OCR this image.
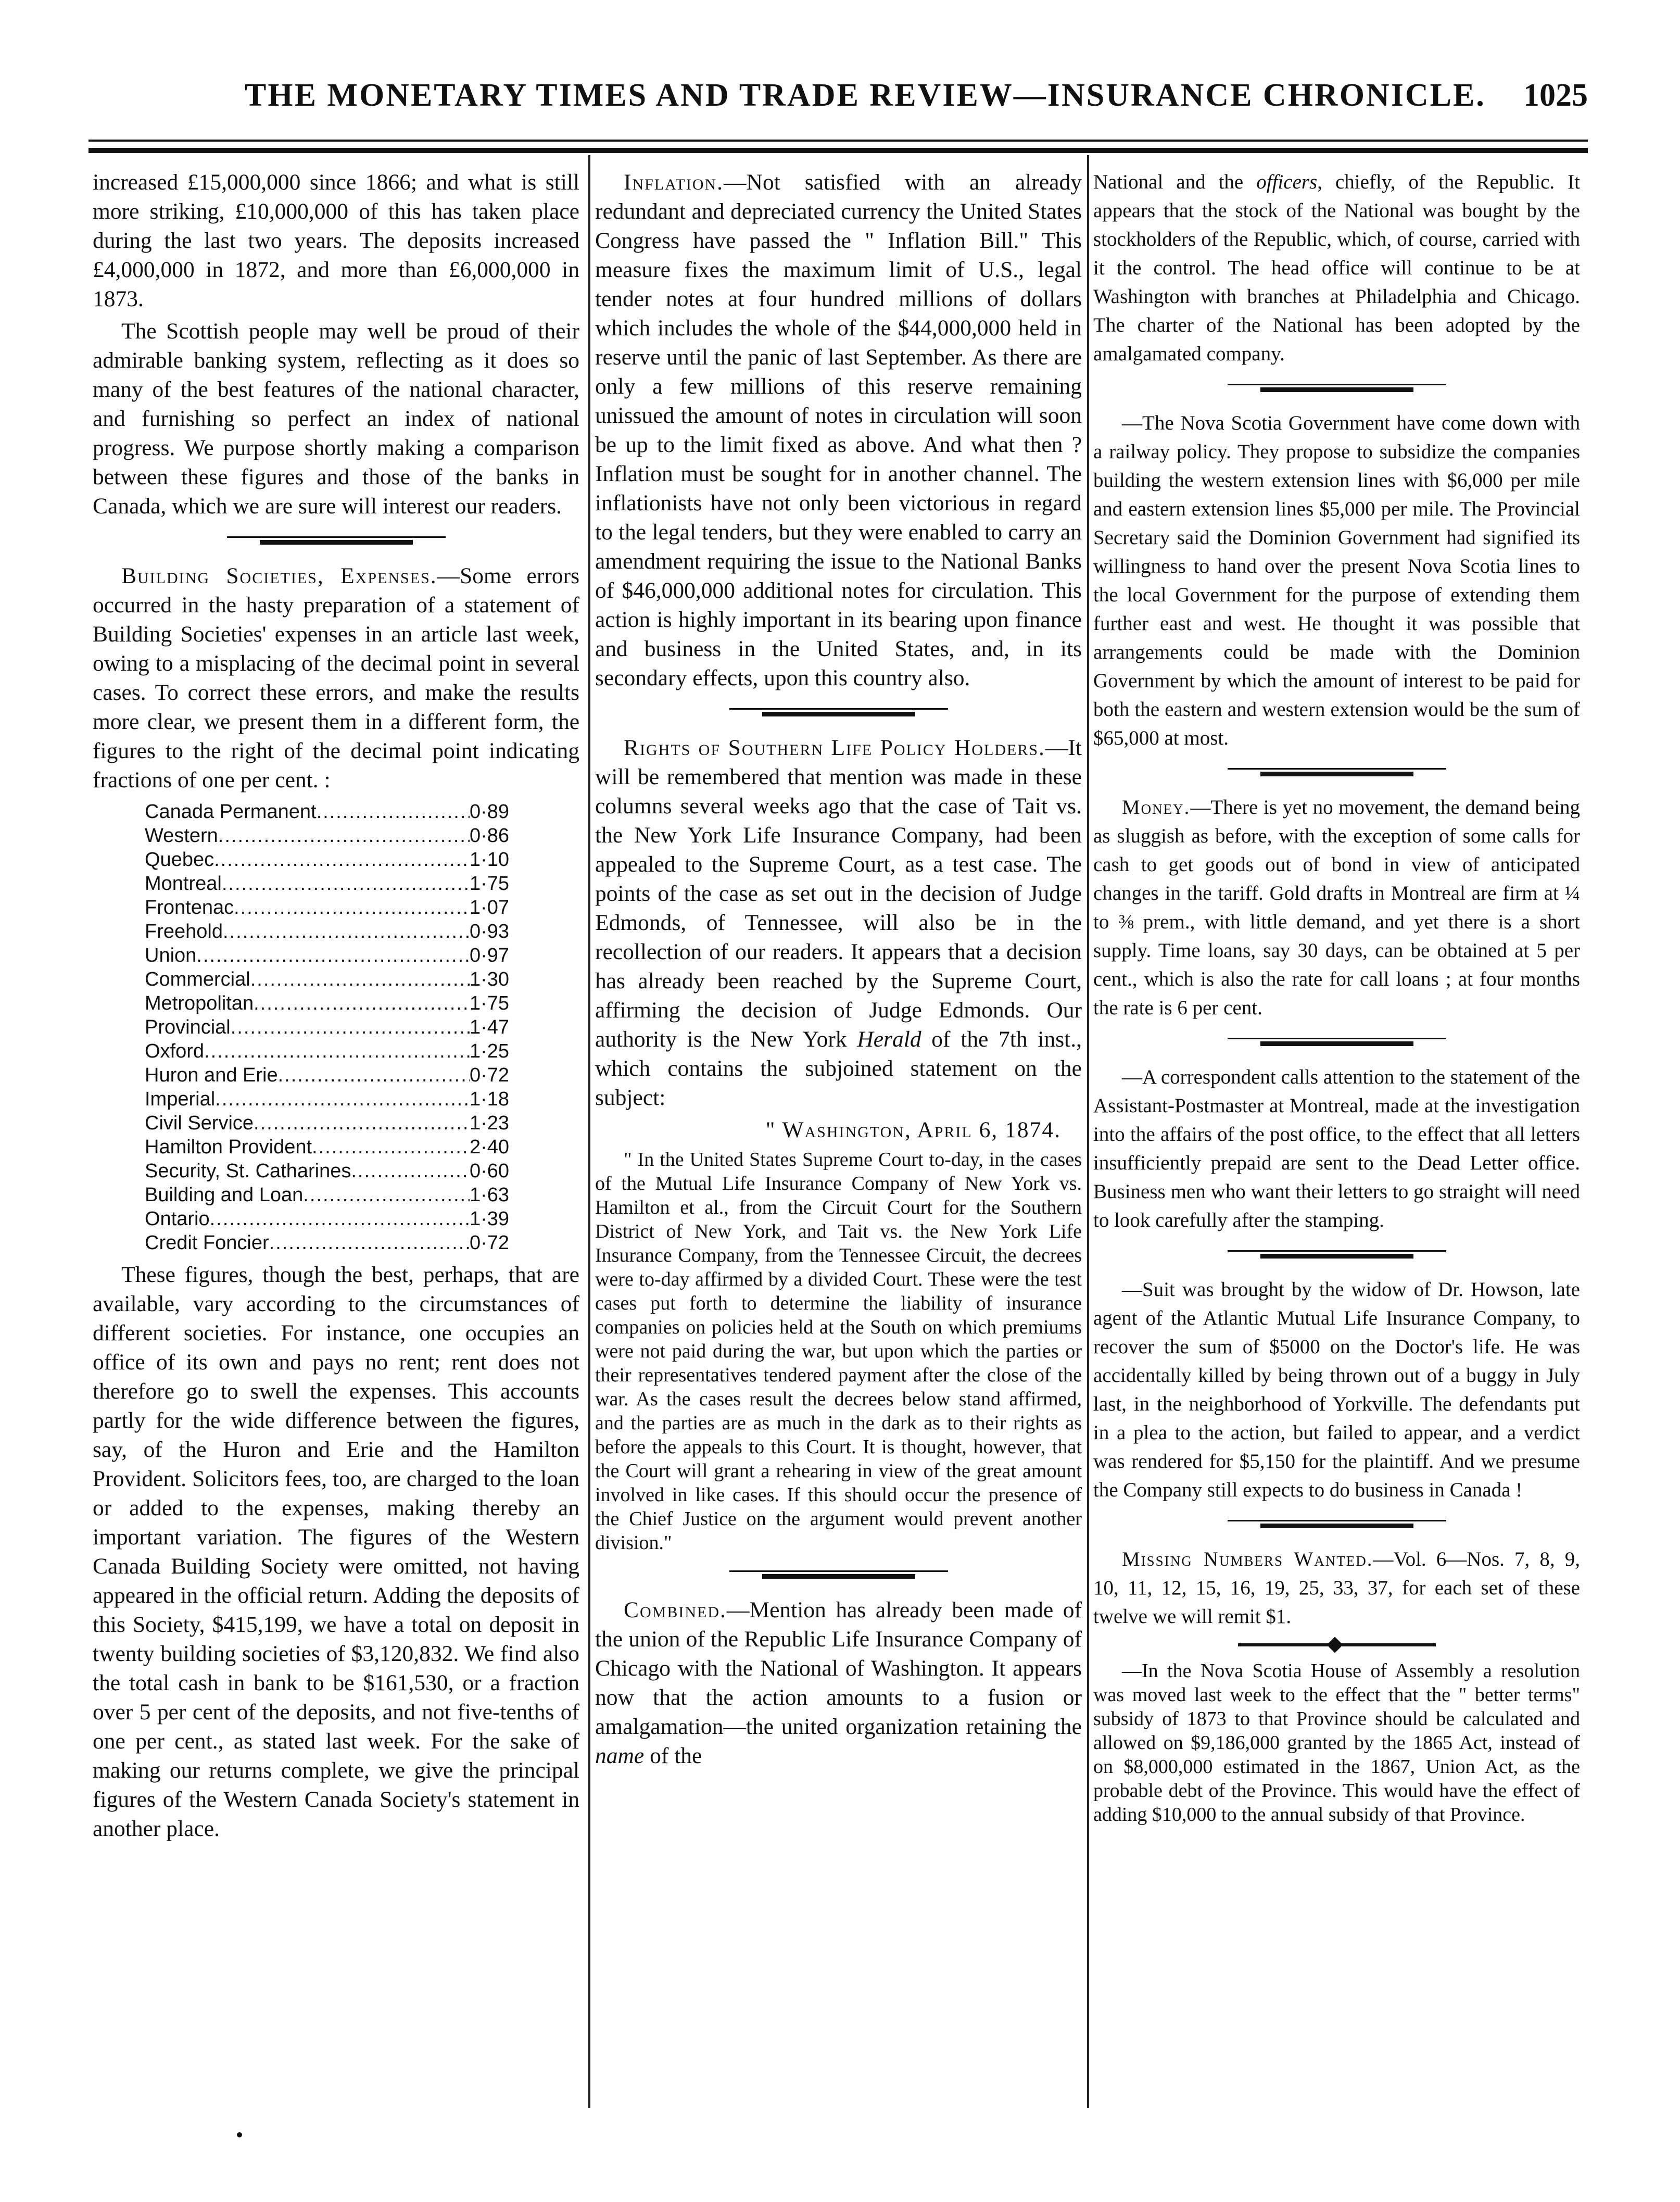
THE MONETARY TIMES AND TRADE REVIEW—INSURANCE CHRONICLE. 1025

increased £15,000,000 since 1866; and what is still more striking, £10,000,000 of this has taken place during the last two years. The deposits increased £4,000,000 in 1872, and more than £6,000,000 in 1873.

The Scottish people may well be proud of their admirable banking system, reflecting as it does so many of the best features of the national character, and furnishing so perfect an index of national progress. We purpose shortly making a comparison between these figures and those of the banks in Canada, which we are sure will interest our readers.

Building Societies, Expenses.—Some errors occurred in the hasty preparation of a statement of Building Societies' expenses in an article last week, owing to a misplacing of the decimal point in several cases. To correct these errors, and make the results more clear, we present them in a different form, the figures to the right of the decimal point indicating fractions of one per cent. :

Canada Permanent .....	0·89
Western .....	0·86
Quebec .....	1·10
Montreal .....	1·75
Frontenac .....	1·07
Freehold .....	0·93
Union .....	0·97
Commercial .....	1·30
Metropolitan .....	1·75
Provincial .....	1·47
Oxford .....	1·25
Huron and Erie .....	0·72
Imperial .....	1·18
Civil Service .....	1·23
Hamilton Provident .....	2·40
Security, St. Catharines .....	0·60
Building and Loan .....	1·63
Ontario .....	1·39
Credit Foncier .....	0·72

These figures, though the best, perhaps, that are available, vary according to the circumstances of different societies. For instance, one occupies an office of its own and pays no rent; rent does not therefore go to swell the expenses. This accounts partly for the wide difference between the figures, say, of the Huron and Erie and the Hamilton Provident. Solicitors fees, too, are charged to the loan or added to the expenses, making thereby an important variation. The figures of the Western Canada Building Society were omitted, not having appeared in the official return. Adding the deposits of this Society, $415,199, we have a total on deposit in twenty building societies of $3,120,832. We find also the total cash in bank to be $161,530, or a fraction over 5 per cent of the deposits, and not five-tenths of one per cent., as stated last week. For the sake of making our returns complete, we give the principal figures of the Western Canada Society's statement in another place.

Inflation.—Not satisfied with an already redundant and depreciated currency the United States Congress have passed the " Inflation Bill." This measure fixes the maximum limit of U.S., legal tender notes at four hundred millions of dollars which includes the whole of the $44,000,000 held in reserve until the panic of last September. As there are only a few millions of this reserve remaining unissued the amount of notes in circulation will soon be up to the limit fixed as above. And what then ? Inflation must be sought for in another channel. The inflationists have not only been victorious in regard to the legal tenders, but they were enabled to carry an amendment requiring the issue to the National Banks of $46,000,000 additional notes for circulation. This action is highly important in its bearing upon finance and business in the United States, and, in its secondary effects, upon this country also.

Rights of Southern Life Policy Holders.—It will be remembered that mention was made in these columns several weeks ago that the case of Tait vs. the New York Life Insurance Company, had been appealed to the Supreme Court, as a test case. The points of the case as set out in the decision of Judge Edmonds, of Tennessee, will also be in the recollection of our readers. It appears that a decision has already been reached by the Supreme Court, affirming the decision of Judge Edmonds. Our authority is the New York Herald of the 7th inst., which contains the subjoined statement on the subject:

" Washington, April 6, 1874.

" In the United States Supreme Court to-day, in the cases of the Mutual Life Insurance Company of New York vs. Hamilton et al., from the Circuit Court for the Southern District of New York, and Tait vs. the New York Life Insurance Company, from the Tennessee Circuit, the decrees were to-day affirmed by a divided Court. These were the test cases put forth to determine the liability of insurance companies on policies held at the South on which premiums were not paid during the war, but upon which the parties or their representatives tendered payment after the close of the war. As the cases result the decrees below stand affirmed, and the parties are as much in the dark as to their rights as before the appeals to this Court. It is thought, however, that the Court will grant a rehearing in view of the great amount involved in like cases. If this should occur the presence of the Chief Justice on the argument would prevent another division."

Combined.—Mention has already been made of the union of the Republic Life Insurance Company of Chicago with the National of Washington. It appears now that the action amounts to a fusion or amalgamation—the united organization retaining the name of the

National and the officers, chiefly, of the Republic. It appears that the stock of the National was bought by the stockholders of the Republic, which, of course, carried with it the control. The head office will continue to be at Washington with branches at Philadelphia and Chicago. The charter of the National has been adopted by the amalgamated company.

—The Nova Scotia Government have come down with a railway policy. They propose to subsidize the companies building the western extension lines with $6,000 per mile and eastern extension lines $5,000 per mile. The Provincial Secretary said the Dominion Government had signified its willingness to hand over the present Nova Scotia lines to the local Government for the purpose of extending them further east and west. He thought it was possible that arrangements could be made with the Dominion Government by which the amount of interest to be paid for both the eastern and western extension would be the sum of $65,000 at most.

Money.—There is yet no movement, the demand being as sluggish as before, with the exception of some calls for cash to get goods out of bond in view of anticipated changes in the tariff. Gold drafts in Montreal are firm at ¼ to ⅜ prem., with little demand, and yet there is a short supply. Time loans, say 30 days, can be obtained at 5 per cent., which is also the rate for call loans ; at four months the rate is 6 per cent.

—A correspondent calls attention to the statement of the Assistant-Postmaster at Montreal, made at the investigation into the affairs of the post office, to the effect that all letters insufficiently prepaid are sent to the Dead Letter office. Business men who want their letters to go straight will need to look carefully after the stamping.

—Suit was brought by the widow of Dr. Howson, late agent of the Atlantic Mutual Life Insurance Company, to recover the sum of $5000 on the Doctor's life. He was accidentally killed by being thrown out of a buggy in July last, in the neighborhood of Yorkville. The defendants put in a plea to the action, but failed to appear, and a verdict was rendered for $5,150 for the plaintiff. And we presume the Company still expects to do business in Canada !

Missing Numbers Wanted.—Vol. 6—Nos. 7, 8, 9, 10, 11, 12, 15, 16, 19, 25, 33, 37, for each set of these twelve we will remit $1.

—In the Nova Scotia House of Assembly a resolution was moved last week to the effect that the " better terms" subsidy of 1873 to that Province should be calculated and allowed on $9,186,000 granted by the 1865 Act, instead of on $8,000,000 estimated in the 1867, Union Act, as the probable debt of the Province. This would have the effect of adding $10,000 to the annual subsidy of that Province.
